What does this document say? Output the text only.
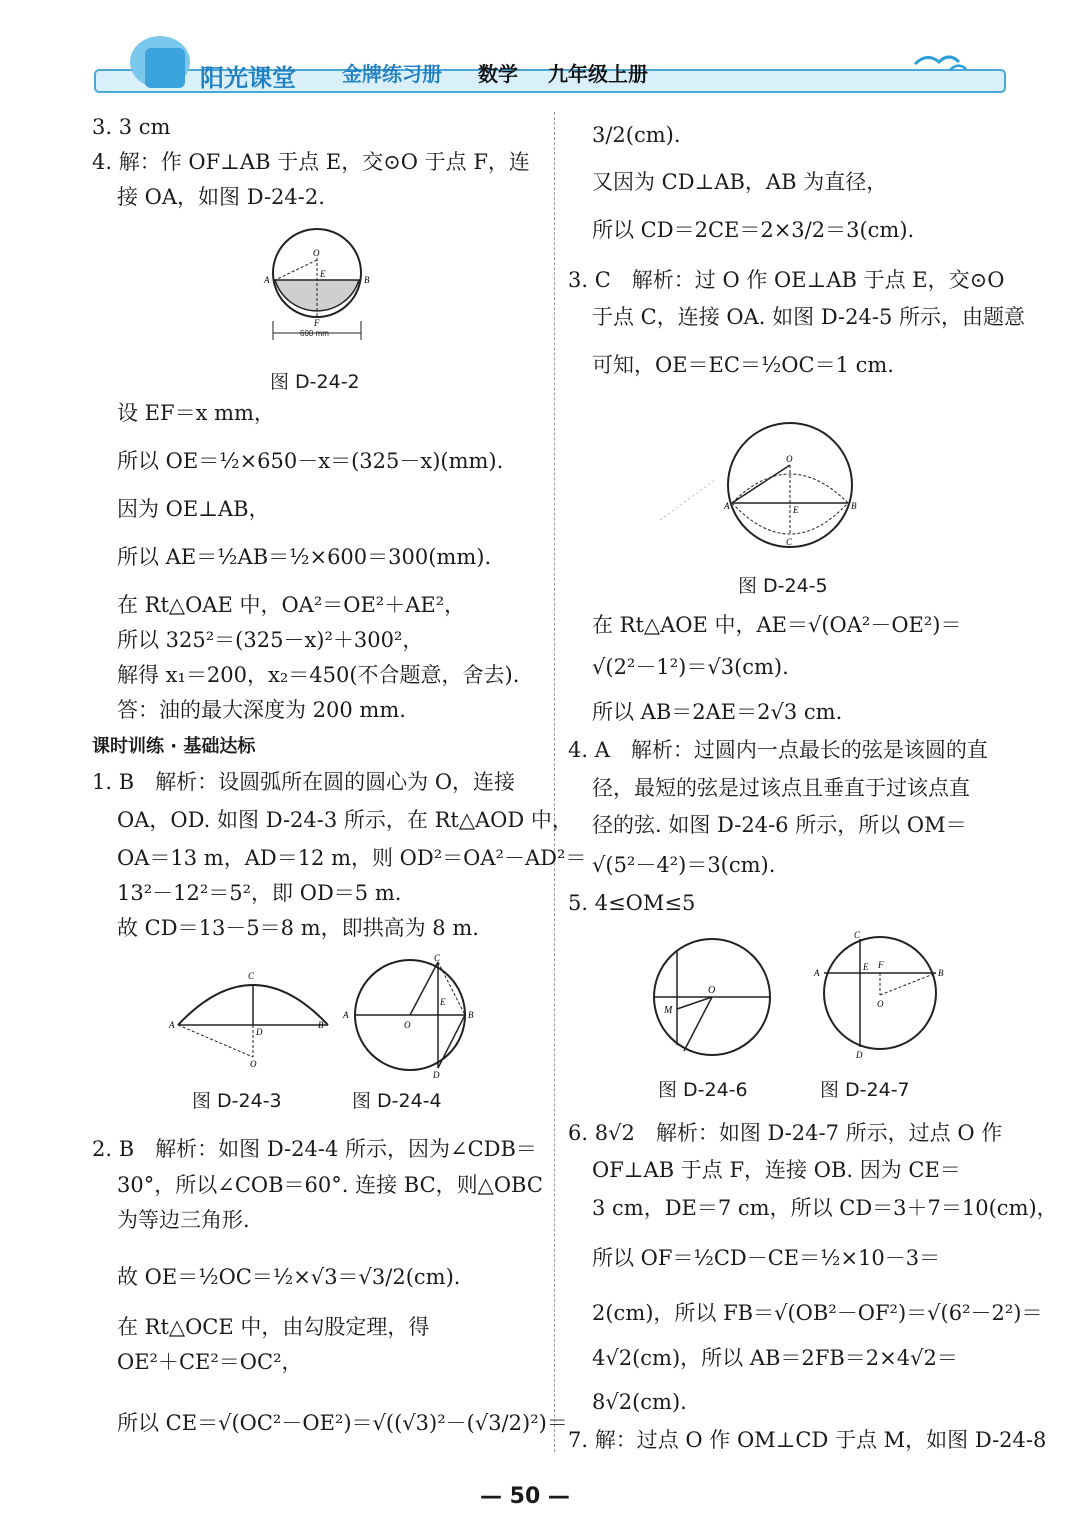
阳光课堂 金牌练习册 数学 九年级上册
3. 3 cm
4. 解：作 OF⊥AB 于点 E，交⊙O 于点 F，连
接 OA，如图 D-24-2.
O
E
A	B
F
600 mm
图 D-24-2
设 EF＝x mm，
所以 OE＝½×650－x＝(325－x)(mm).
因为 OE⊥AB，
所以 AE＝½AB＝½×600＝300(mm).
在 Rt△OAE 中，OA²＝OE²＋AE²，
所以 325²＝(325－x)²＋300²，
解得 x₁＝200，x₂＝450(不合题意，舍去).
答：油的最大深度为 200 mm.
课时训练 · 基础达标
1. B　解析：设圆弧所在圆的圆心为 O，连接
OA，OD. 如图 D-24-3 所示，在 Rt△AOD 中，
OA＝13 m，AD＝12 m，则 OD²＝OA²－AD²＝
13²－12²＝5²，即 OD＝5 m.
故 CD＝13－5＝8 m，即拱高为 8 m.
C
A
D
B
O
C
A
O
E
B
D
图 D-24-3	图 D-24-4
2. B　解析：如图 D-24-4 所示，因为∠CDB＝
30°，所以∠COB＝60°. 连接 BC，则△OBC
为等边三角形.
故 OE＝½OC＝½×√3＝√3/2(cm).
在 Rt△OCE 中，由勾股定理，得
OE²＋CE²＝OC²，
所以 CE＝√(OC²－OE²)＝√((√3)²－(√3/2)²)＝
3/2(cm).
又因为 CD⊥AB，AB 为直径，
所以 CD＝2CE＝2×3/2＝3(cm).
3. C　解析：过 O 作 OE⊥AB 于点 E，交⊙O
于点 C，连接 OA. 如图 D-24-5 所示，由题意
可知，OE＝EC＝½OC＝1 cm.
O
A	E	B
C
图 D-24-5
在 Rt△AOE 中，AE＝√(OA²－OE²)＝
√(2²－1²)＝√3(cm).
所以 AB＝2AE＝2√3 cm.
4. A　解析：过圆内一点最长的弦是该圆的直
径，最短的弦是过该点且垂直于过该点直
径的弦. 如图 D-24-6 所示，所以 OM＝
√(5²－4²)＝3(cm).
5. 4≤OM≤5
O
M
C
A
E F
B
O
D
图 D-24-6	图 D-24-7
6. 8√2　解析：如图 D-24-7 所示，过点 O 作
OF⊥AB 于点 F，连接 OB. 因为 CE＝
3 cm，DE＝7 cm，所以 CD＝3＋7＝10(cm)，
所以 OF＝½CD－CE＝½×10－3＝
2(cm)，所以 FB＝√(OB²－OF²)＝√(6²－2²)＝
4√2(cm)，所以 AB＝2FB＝2×4√2＝
8√2(cm).
7. 解：过点 O 作 OM⊥CD 于点 M，如图 D-24-8
— 50 —
